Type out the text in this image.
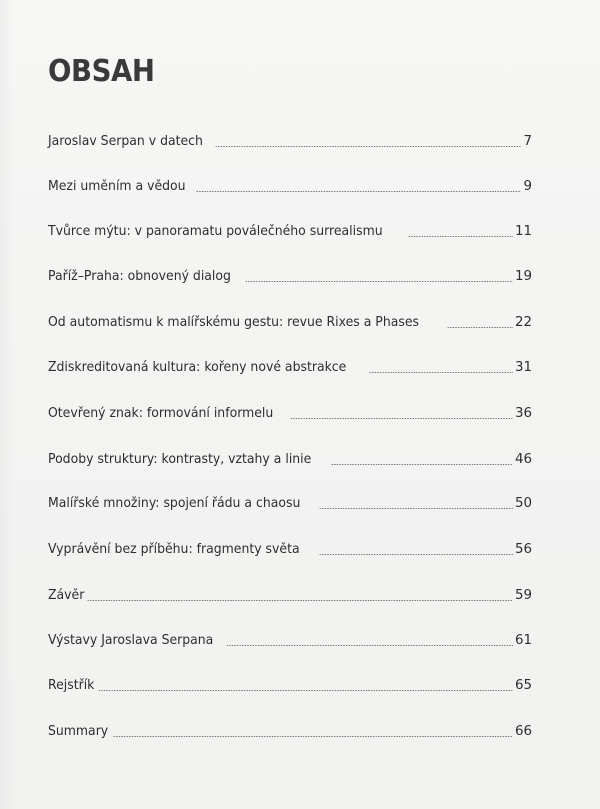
OBSAH
Jaroslav Serpan v datech	7
Mezi uměním a vědou	9
Tvůrce mýtu: v panoramatu poválečného surrealismu	11
Paříž–Praha: obnovený dialog	19
Od automatismu k malířskému gestu: revue Rixes a Phases	22
Zdiskreditovaná kultura: kořeny nové abstrakce	31
Otevřený znak: formování informelu	36
Podoby struktury: kontrasty, vztahy a linie	46
Malířské množiny: spojení řádu a chaosu	50
Vyprávění bez příběhu: fragmenty světa	56
Závěr	59
Výstavy Jaroslava Serpana	61
Rejstřík	65
Summary	66
